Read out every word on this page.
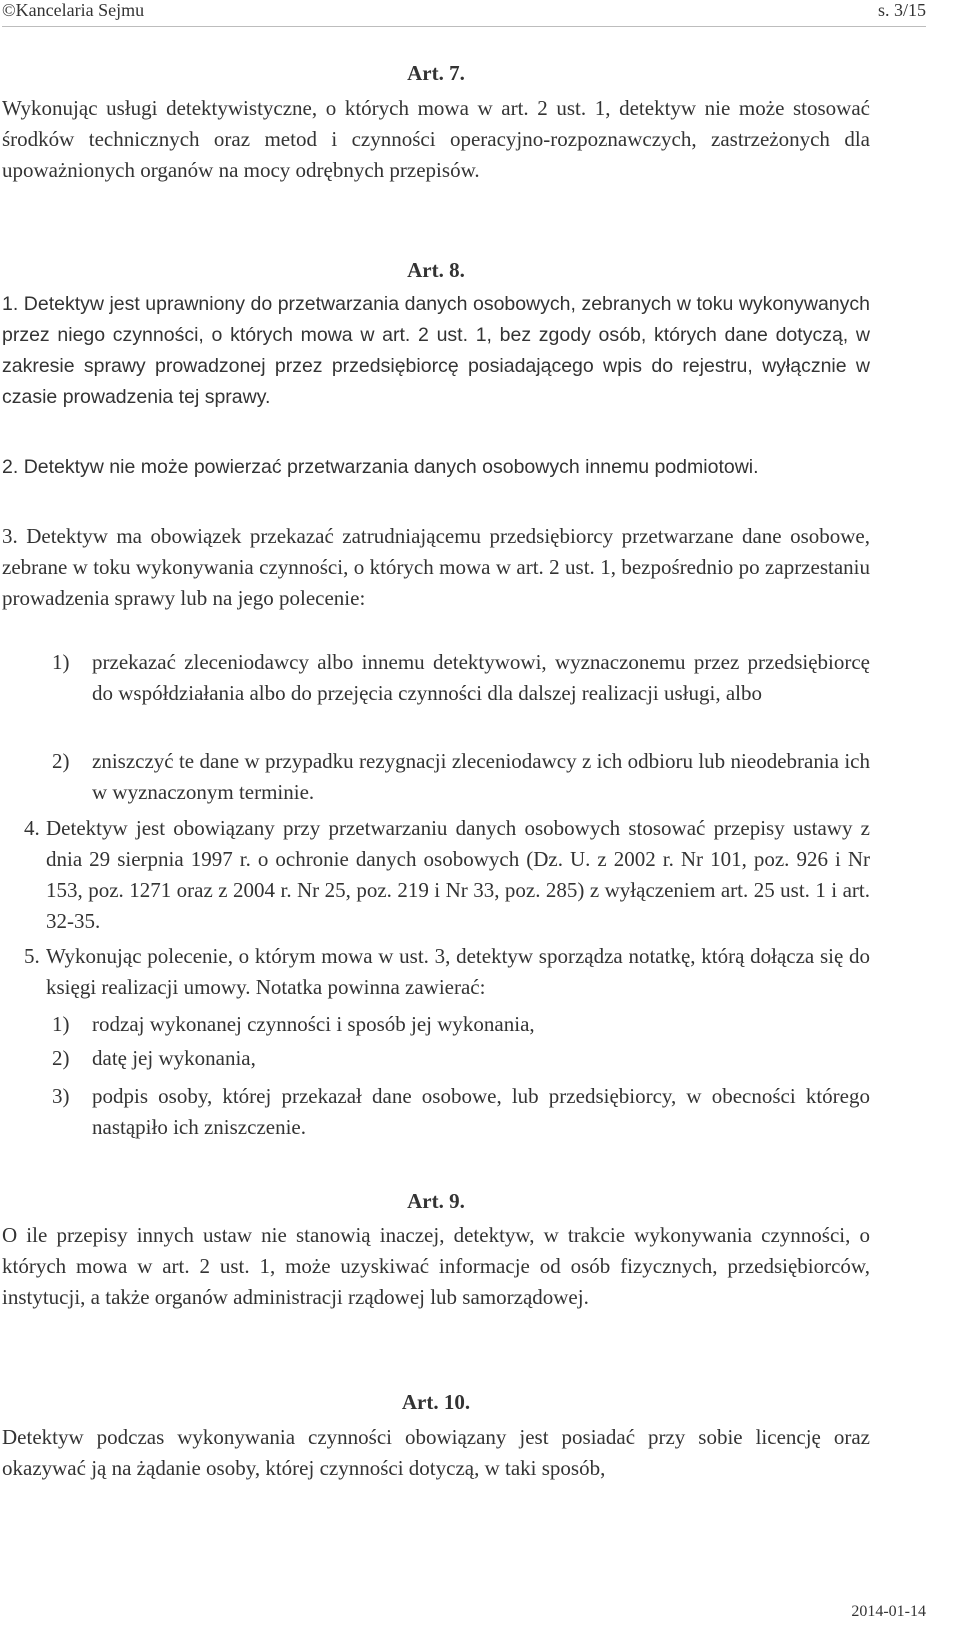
©Kancelaria Sejmu	s. 3/15
Art. 7.
Wykonując usługi detektywistyczne, o których mowa w art. 2 ust. 1, detektyw nie może stosować środków technicznych oraz metod i czynności operacyjno-rozpoznawczych, zastrzeżonych dla upoważnionych organów na mocy odrębnych przepisów.
Art. 8.
1. Detektyw jest uprawniony do przetwarzania danych osobowych, zebranych w toku wykonywanych przez niego czynności, o których mowa w art. 2 ust. 1, bez zgody osób, których dane dotyczą, w zakresie sprawy prowadzonej przez przedsiębiorcę posiadającego wpis do rejestru, wyłącznie w czasie prowadzenia tej sprawy.
2. Detektyw nie może powierzać przetwarzania danych osobowych innemu podmiotowi.
3. Detektyw ma obowiązek przekazać zatrudniającemu przedsiębiorcy przetwarzane dane osobowe, zebrane w toku wykonywania czynności, o których mowa w art. 2 ust. 1, bezpośrednio po zaprzestaniu prowadzenia sprawy lub na jego polecenie:
1)	przekazać zleceniodawcy albo innemu detektywowi, wyznaczonemu przez przedsiębiorcę do współdziałania albo do przejęcia czynności dla dalszej realizacji usługi, albo
2)	zniszczyć te dane w przypadku rezygnacji zleceniodawcy z ich odbioru lub nieodebrania ich w wyznaczonym terminie.
4. Detektyw jest obowiązany przy przetwarzaniu danych osobowych stosować przepisy ustawy z dnia 29 sierpnia 1997 r. o ochronie danych osobowych (Dz. U. z 2002 r. Nr 101, poz. 926 i Nr 153, poz. 1271 oraz z 2004 r. Nr 25, poz. 219 i Nr 33, poz. 285) z wyłączeniem art. 25 ust. 1 i art. 32-35.
5. Wykonując polecenie, o którym mowa w ust. 3, detektyw sporządza notatkę, którą dołącza się do księgi realizacji umowy. Notatka powinna zawierać:
1)	rodzaj wykonanej czynności i sposób jej wykonania,
2)	datę jej wykonania,
3)	podpis osoby, której przekazał dane osobowe, lub przedsiębiorcy, w obecności którego nastąpiło ich zniszczenie.
Art. 9.
O ile przepisy innych ustaw nie stanowią inaczej, detektyw, w trakcie wykonywania czynności, o których mowa w art. 2 ust. 1, może uzyskiwać informacje od osób fizycznych, przedsiębiorców, instytucji, a także organów administracji rządowej lub samorządowej.
Art. 10.
Detektyw podczas wykonywania czynności obowiązany jest posiadać przy sobie licencję oraz okazywać ją na żądanie osoby, której czynności dotyczą, w taki sposób,
2014-01-14
